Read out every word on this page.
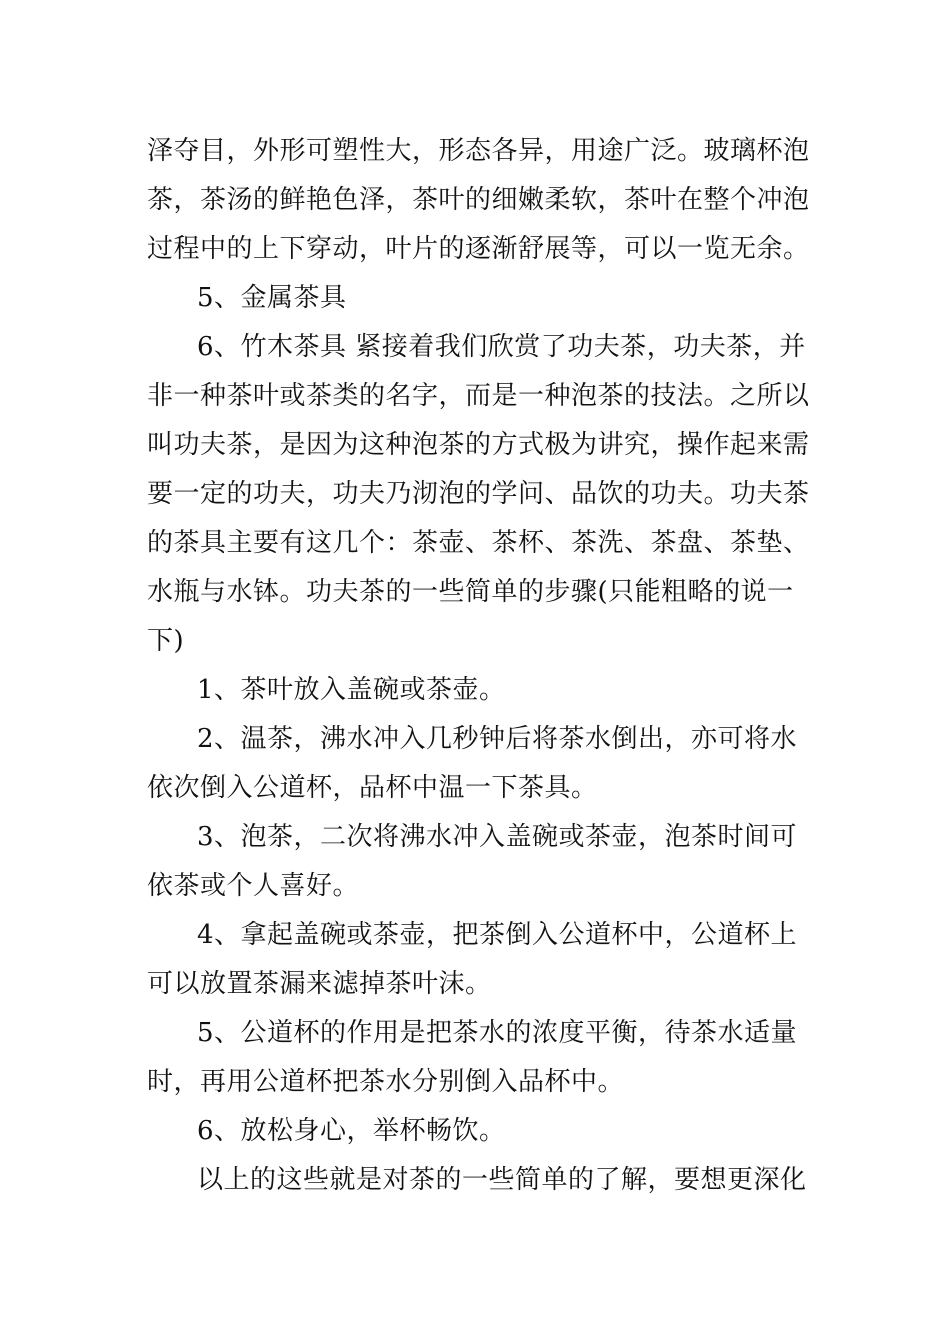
泽夺目，外形可塑性大，形态各异，用途广泛。玻璃杯泡茶，茶汤的鲜艳色泽，茶叶的细嫩柔软，茶叶在整个冲泡过程中的上下穿动，叶片的逐渐舒展等，可以一览无余。

5、金属茶具

6、竹木茶具 紧接着我们欣赏了功夫茶，功夫茶，并非一种茶叶或茶类的名字，而是一种泡茶的技法。之所以叫功夫茶，是因为这种泡茶的方式极为讲究，操作起来需要一定的功夫，功夫乃沏泡的学问、品饮的功夫。功夫茶的茶具主要有这几个：茶壶、茶杯、茶洗、茶盘、茶垫、水瓶与水钵。功夫茶的一些简单的步骤(只能粗略的说一下)

1、茶叶放入盖碗或茶壶。

2、温茶，沸水冲入几秒钟后将茶水倒出，亦可将水依次倒入公道杯，品杯中温一下茶具。

3、泡茶，二次将沸水冲入盖碗或茶壶，泡茶时间可依茶或个人喜好。

4、拿起盖碗或茶壶，把茶倒入公道杯中，公道杯上可以放置茶漏来滤掉茶叶沫。

5、公道杯的作用是把茶水的浓度平衡，待茶水适量时，再用公道杯把茶水分别倒入品杯中。

6、放松身心，举杯畅饮。

以上的这些就是对茶的一些简单的了解，要想更深化
